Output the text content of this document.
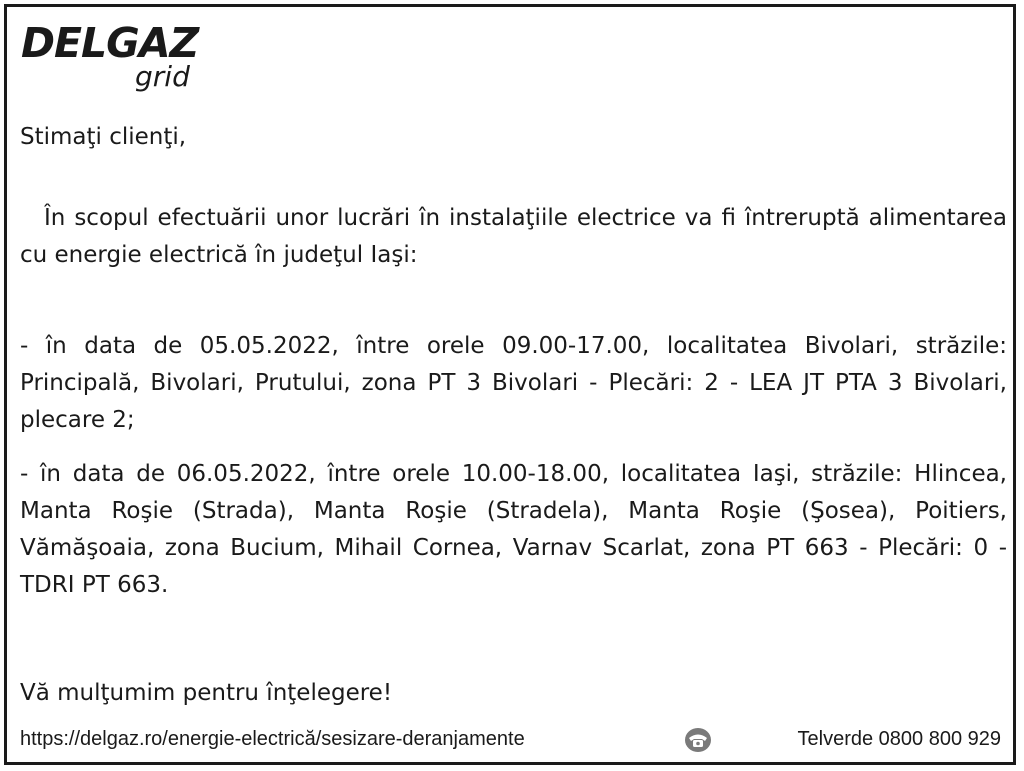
DELGAZ
grid

Stimaţi clienţi,

În scopul efectuării unor lucrări în instalaţiile electrice va fi întreruptă alimentarea cu energie electrică în judeţul Iaşi:

- în data de 05.05.2022, între orele 09.00-17.00, localitatea Bivolari, străzile: Principală, Bivolari, Prutului, zona PT 3 Bivolari - Plecări: 2 - LEA JT PTA 3 Bivolari, plecare 2;

- în data de 06.05.2022, între orele 10.00-18.00, localitatea Iaşi, străzile: Hlincea, Manta Roşie (Strada), Manta Roşie (Stradela), Manta Roşie (Şosea), Poitiers, Vămăşoaia, zona Bucium, Mihail Cornea, Varnav Scarlat, zona PT 663 - Plecări: 0 - TDRI PT 663.

Vă mulţumim pentru înţelegere!

https://delgaz.ro/energie-electrică/sesizare-deranjamente	Telverde 0800 800 929
